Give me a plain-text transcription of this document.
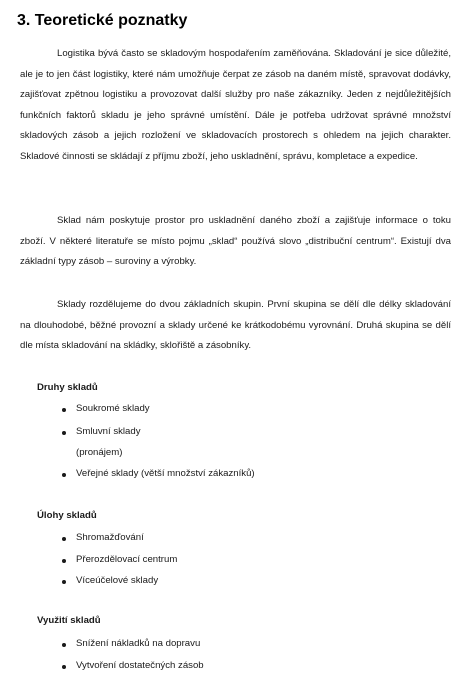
3. Teoretické poznatky

Logistika bývá často se skladovým hospodařením zaměňována. Skladování je sice důležité, ale je to jen část logistiky, které nám umožňuje čerpat ze zásob na daném místě, spravovat dodávky, zajišťovat zpětnou logistiku a provozovat další služby pro naše zákazníky. Jeden z nejdůležitějších funkčních faktorů skladu je jeho správné umístění. Dále je potřeba udržovat správné množství skladových zásob a jejich rozložení ve skladovacích prostorech s ohledem na jejich charakter. Skladové činnosti se skládají z příjmu zboží, jeho uskladnění, správu, kompletace a expedice.

Sklad nám poskytuje prostor pro uskladnění daného zboží a zajišťuje informace o toku zboží. V některé literatuře se místo pojmu „sklad“ používá slovo „distribuční centrum“. Existují dva základní typy zásob – suroviny a výrobky.

Sklady rozdělujeme do dvou základních skupin. První skupina se dělí dle délky skladování na dlouhodobé, běžné provozní a sklady určené ke krátkodobému vyrovnání. Druhá skupina se dělí dle místa skladování na skládky, sklořiště a zásobníky.

Druhy skladů

Soukromé sklady
Smluvní sklady
(pronájem)
Veřejné sklady (větší množství zákazníků)

Úlohy skladů

Shromažďování
Přerozdělovací centrum
Víceúčelové sklady

Využití skladů

Snížení nákladků na dopravu
Vytvoření dostatečných zásob
